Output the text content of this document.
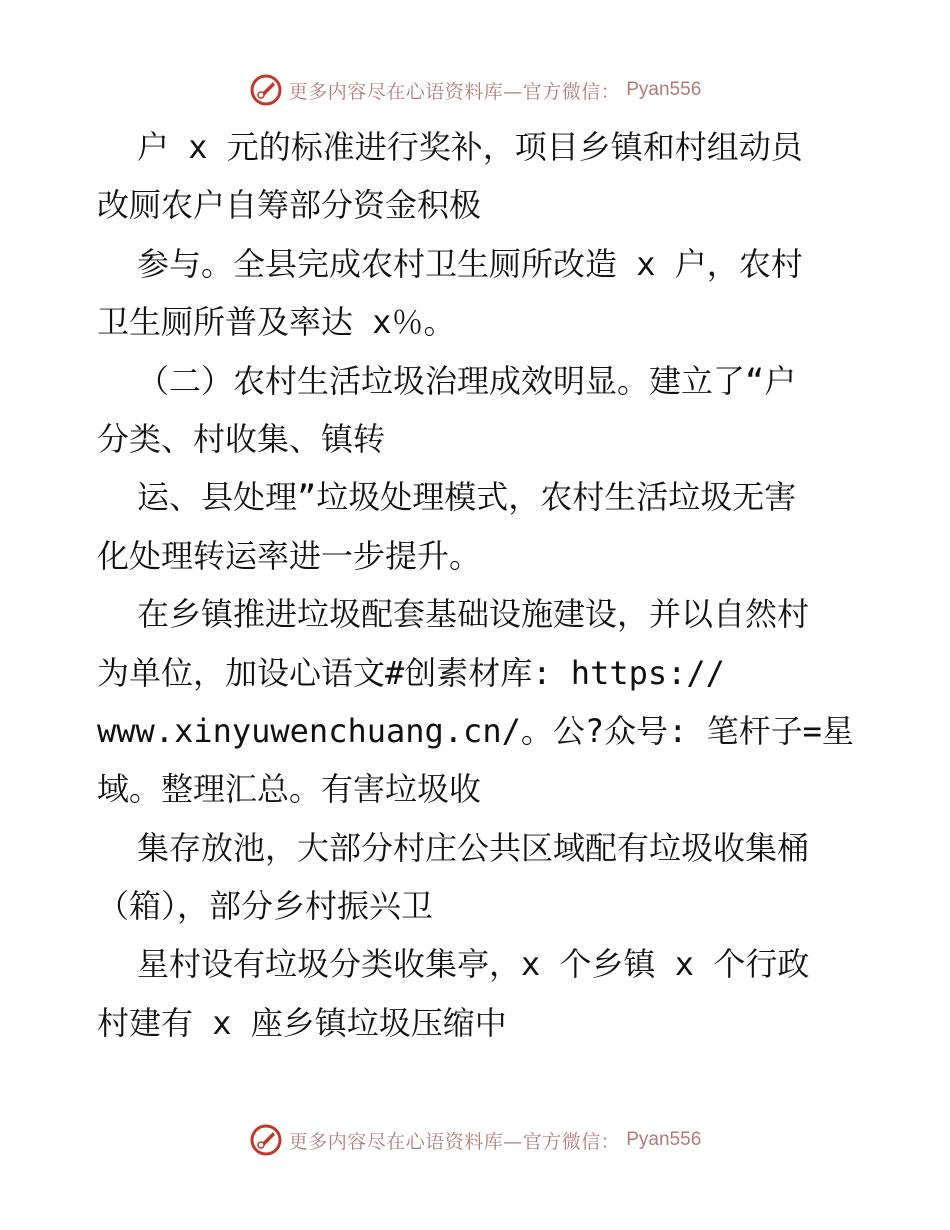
更多内容尽在心语资料库—官方微信： Pyan556
户 x 元的标准进行奖补，项目乡镇和村组动员
改厕农户自筹部分资金积极
参与。全县完成农村卫生厕所改造 x 户，农村
卫生厕所普及率达 x％。
（二）农村生活垃圾治理成效明显。建立了“户
分类、村收集、镇转
运、县处理”垃圾处理模式，农村生活垃圾无害
化处理转运率进一步提升。
在乡镇推进垃圾配套基础设施建设，并以自然村
为单位，加设心语文#创素材库: https://
www.xinyuwenchuang.cn/。公?众号: 笔杆子=星
域。整理汇总。有害垃圾收
集存放池，大部分村庄公共区域配有垃圾收集桶
（箱），部分乡村振兴卫
星村设有垃圾分类收集亭，x 个乡镇 x 个行政
村建有 x 座乡镇垃圾压缩中
更多内容尽在心语资料库—官方微信： Pyan556
